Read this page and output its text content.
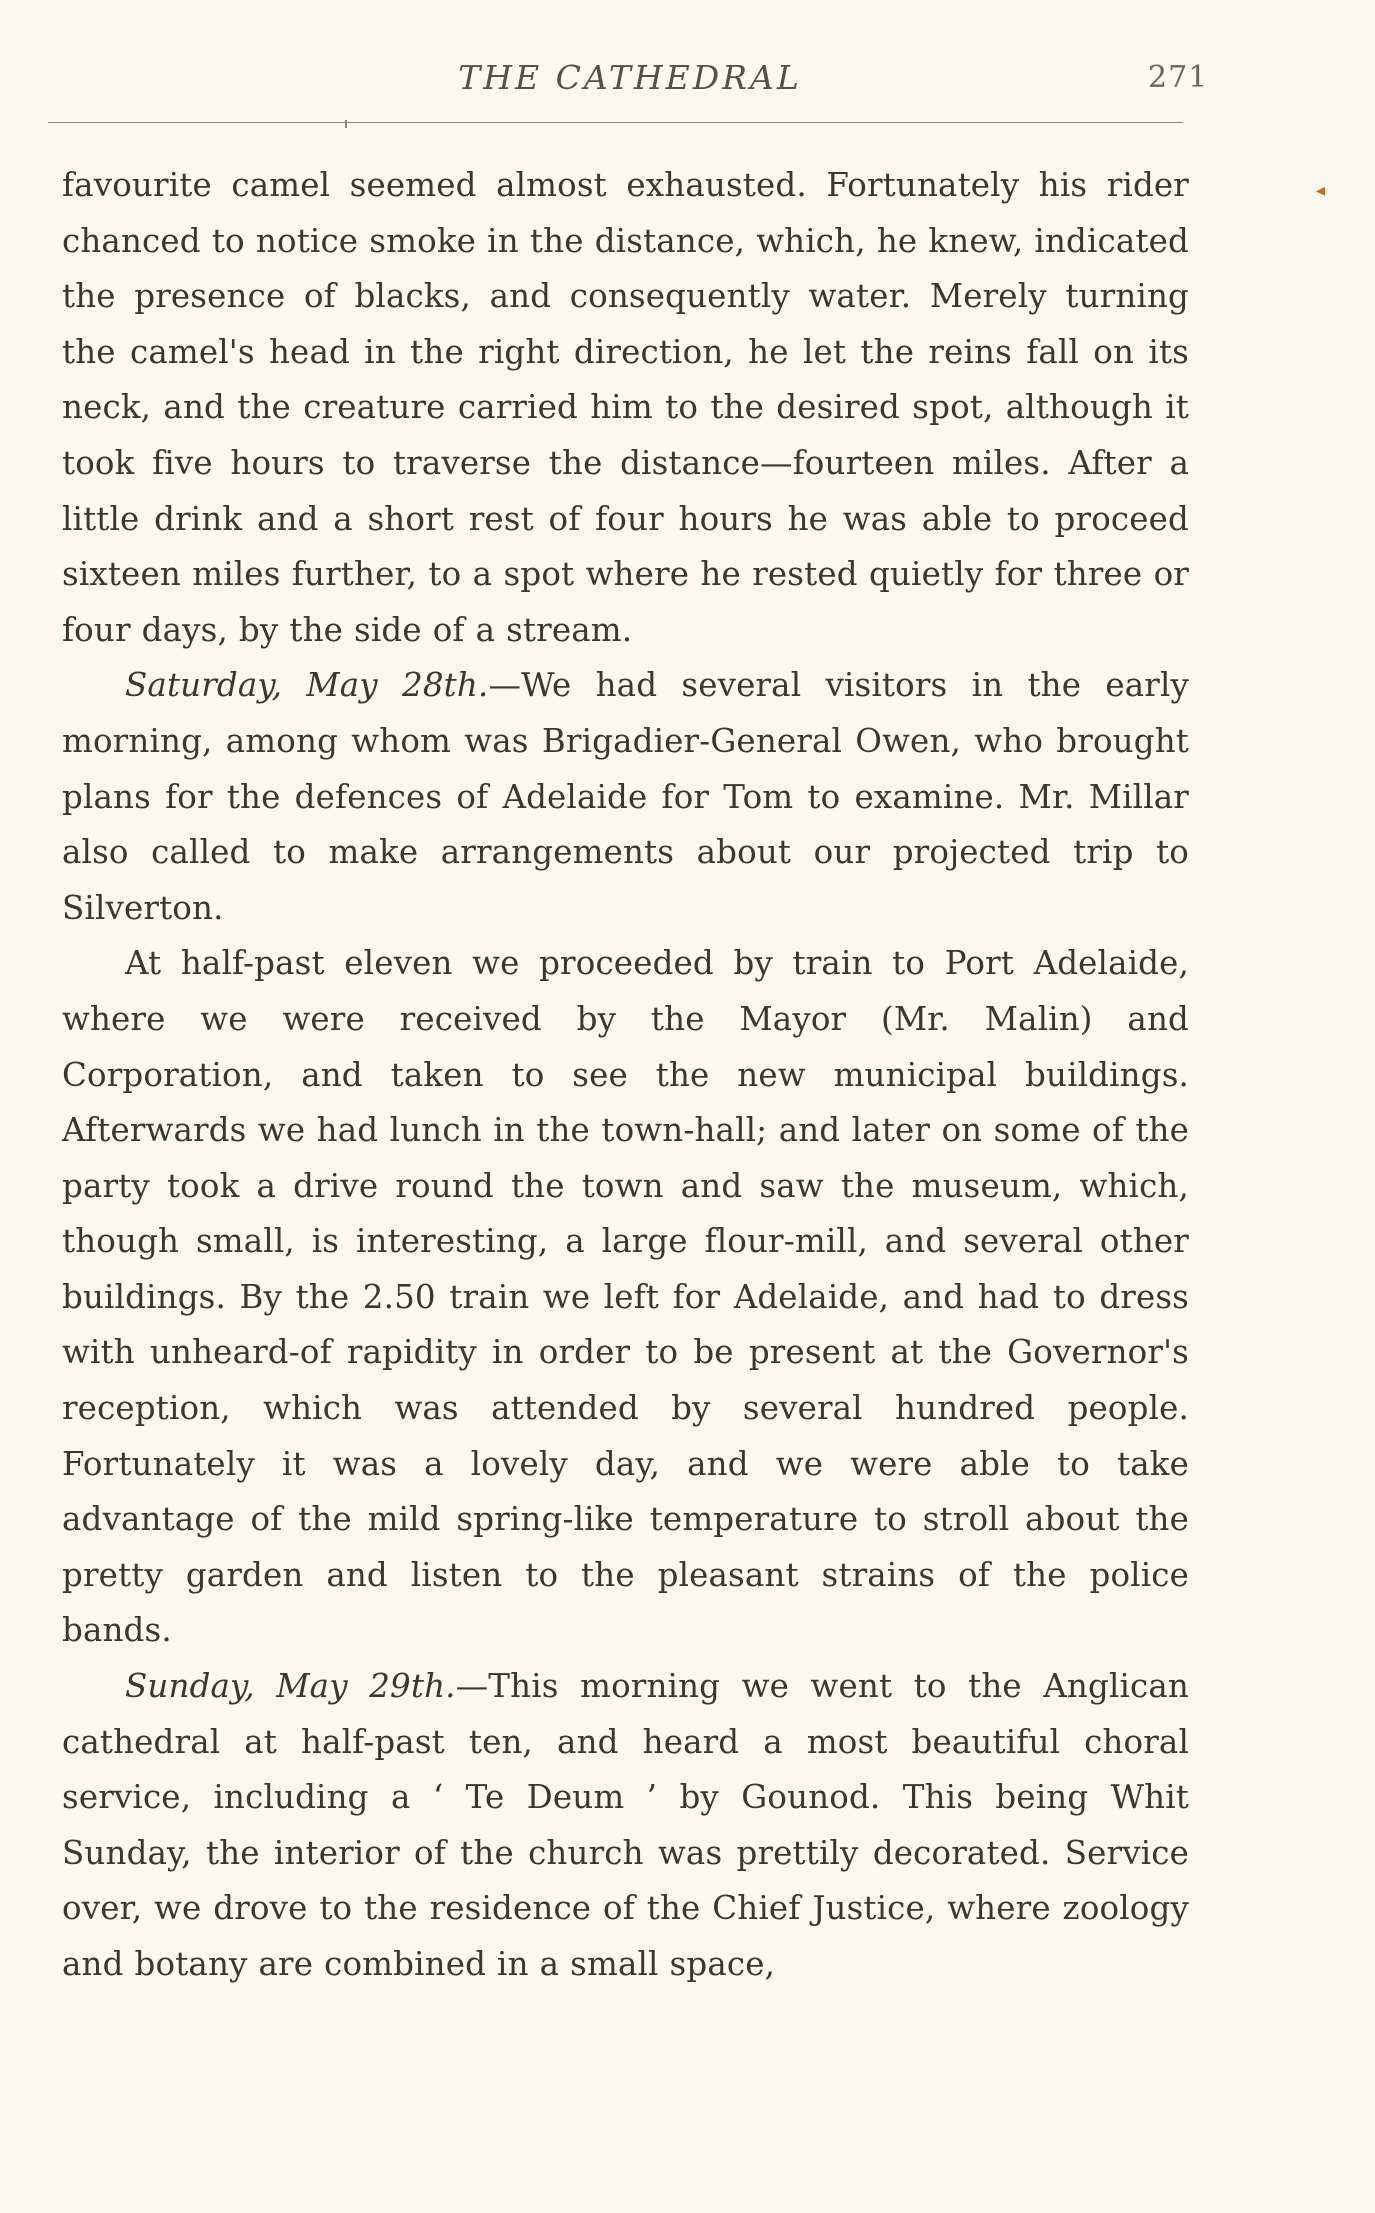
THE CATHEDRAL	271
◂

favourite camel seemed almost exhausted. Fortunately his rider chanced to notice smoke in the distance, which, he knew, indicated the presence of blacks, and consequently water. Merely turning the camel's head in the right direction, he let the reins fall on its neck, and the creature carried him to the desired spot, although it took five hours to traverse the distance—fourteen miles. After a little drink and a short rest of four hours he was able to proceed sixteen miles further, to a spot where he rested quietly for three or four days, by the side of a stream.

Saturday, May 28th.—We had several visitors in the early morning, among whom was Brigadier-General Owen, who brought plans for the defences of Adelaide for Tom to examine. Mr. Millar also called to make arrangements about our projected trip to Silverton.

At half-past eleven we proceeded by train to Port Adelaide, where we were received by the Mayor (Mr. Malin) and Corporation, and taken to see the new municipal buildings. Afterwards we had lunch in the town-hall; and later on some of the party took a drive round the town and saw the museum, which, though small, is interesting, a large flour-mill, and several other buildings. By the 2.50 train we left for Adelaide, and had to dress with unheard-of rapidity in order to be present at the Governor's reception, which was attended by several hundred people. Fortunately it was a lovely day, and we were able to take advantage of the mild spring-like temperature to stroll about the pretty garden and listen to the pleasant strains of the police bands.

Sunday, May 29th.—This morning we went to the Anglican cathedral at half-past ten, and heard a most beautiful choral service, including a ‘ Te Deum ’ by Gounod. This being Whit Sunday, the interior of the church was prettily decorated. Service over, we drove to the residence of the Chief Justice, where zoology and botany are combined in a small space,
